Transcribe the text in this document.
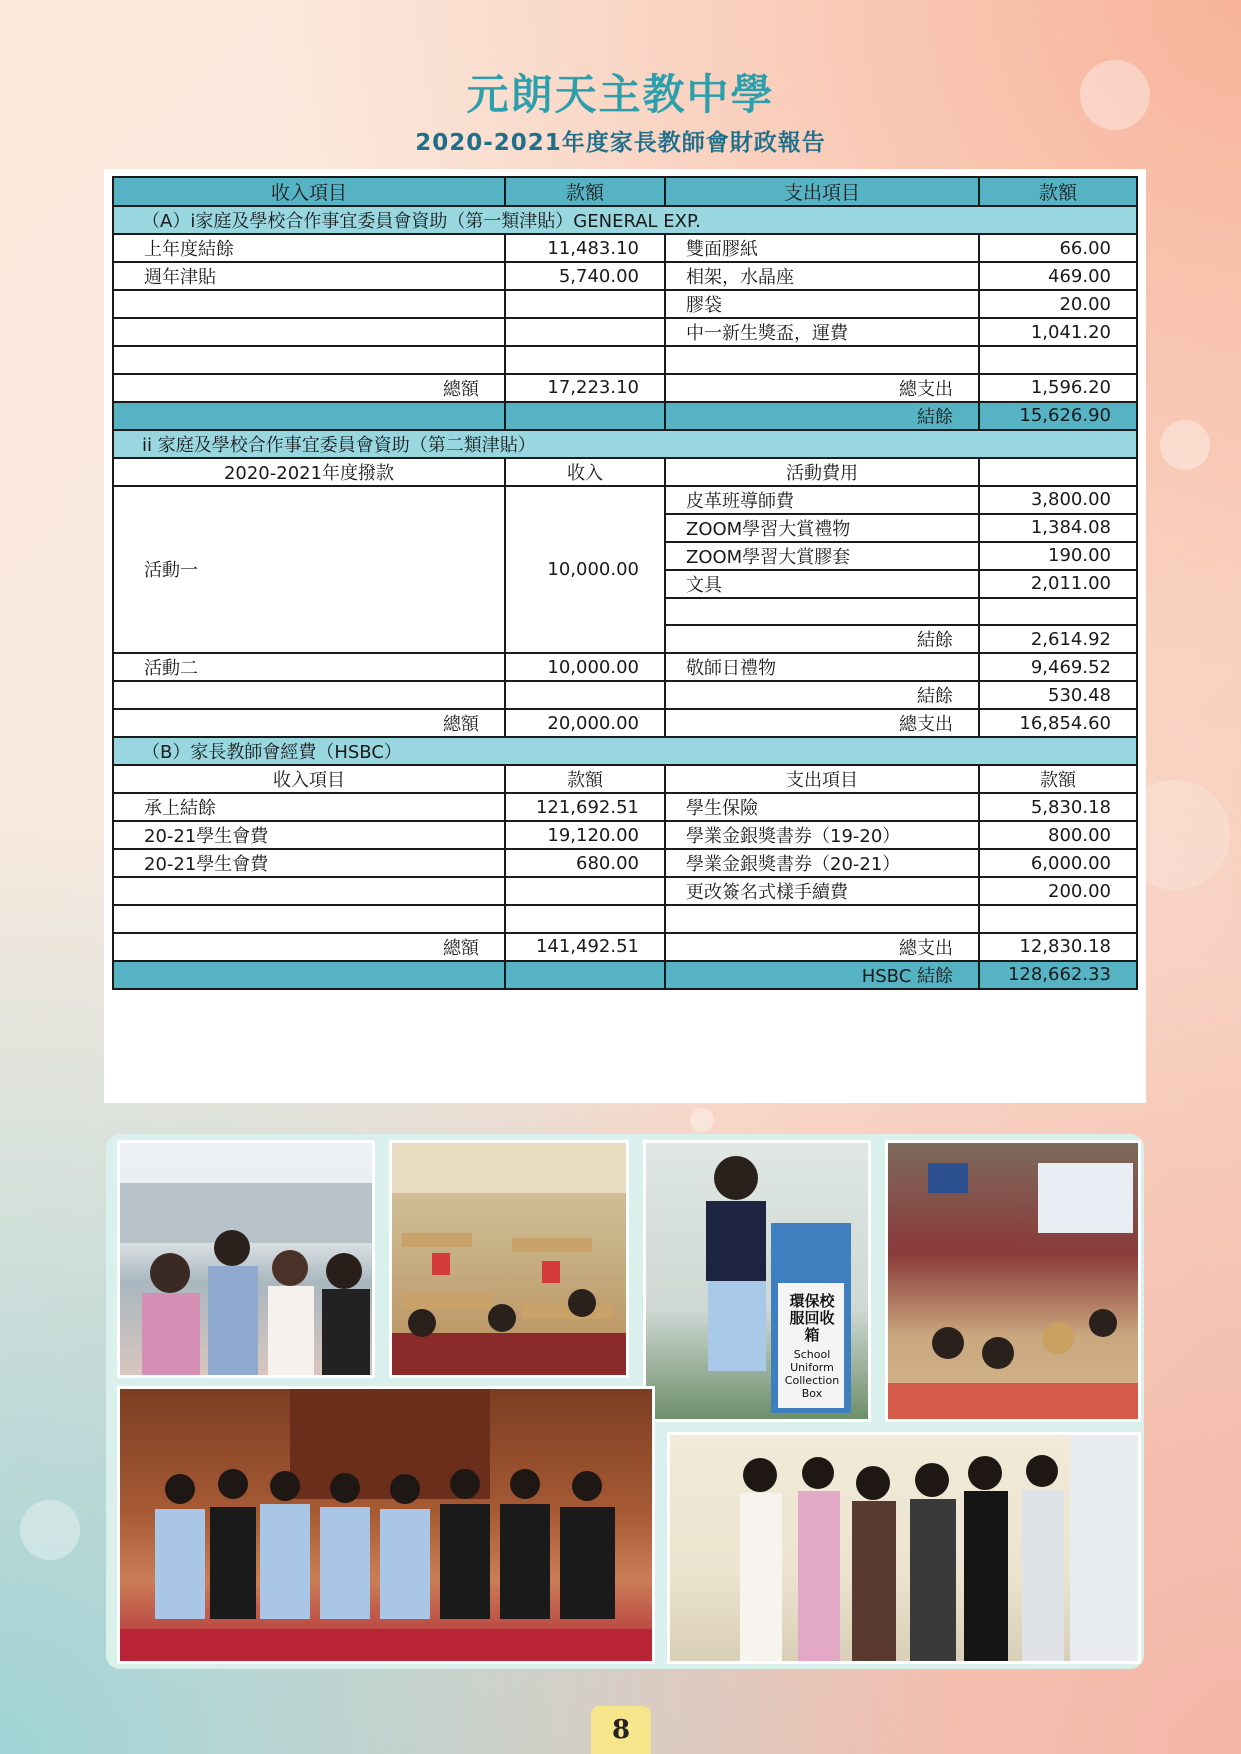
元朗天主教中學
2020-2021年度家長教師會財政報告
收入項目	款額	支出項目	款額
（A）i家庭及學校合作事宜委員會資助（第一類津貼）GENERAL EXP.			
上年度結餘	11,483.10	雙面膠紙	66.00
週年津貼	5,740.00	相架，水晶座	469.00
		膠袋	20.00
		中一新生獎盃，運費	1,041.20

總額	17,223.10	總支出	1,596.20
		結餘	15,626.90
ii 家庭及學校合作事宜委員會資助（第二類津貼）			
2020-2021年度撥款	收入	活動費用	
活動一	10,000.00	皮革班導師費	3,800.00
		ZOOM學習大賞禮物	1,384.08
		ZOOM學習大賞膠套	190.00
		文具	2,011.00

		結餘	2,614.92
活動二	10,000.00	敬師日禮物	9,469.52
		結餘	530.48
總額	20,000.00	總支出	16,854.60
（B）家長教師會經費（HSBC）			
收入項目	款額	支出項目	款額
承上結餘	121,692.51	學生保險	5,830.18
20-21學生會費	19,120.00	學業金銀獎書券（19-20）	800.00
20-21學生會費	680.00	學業金銀獎書券（20-21）	6,000.00
		更改簽名式樣手續費	200.00

總額	141,492.51	總支出	12,830.18
		HSBC 結餘	128,662.33
環保校服回收箱
School Uniform Collection Box
8
